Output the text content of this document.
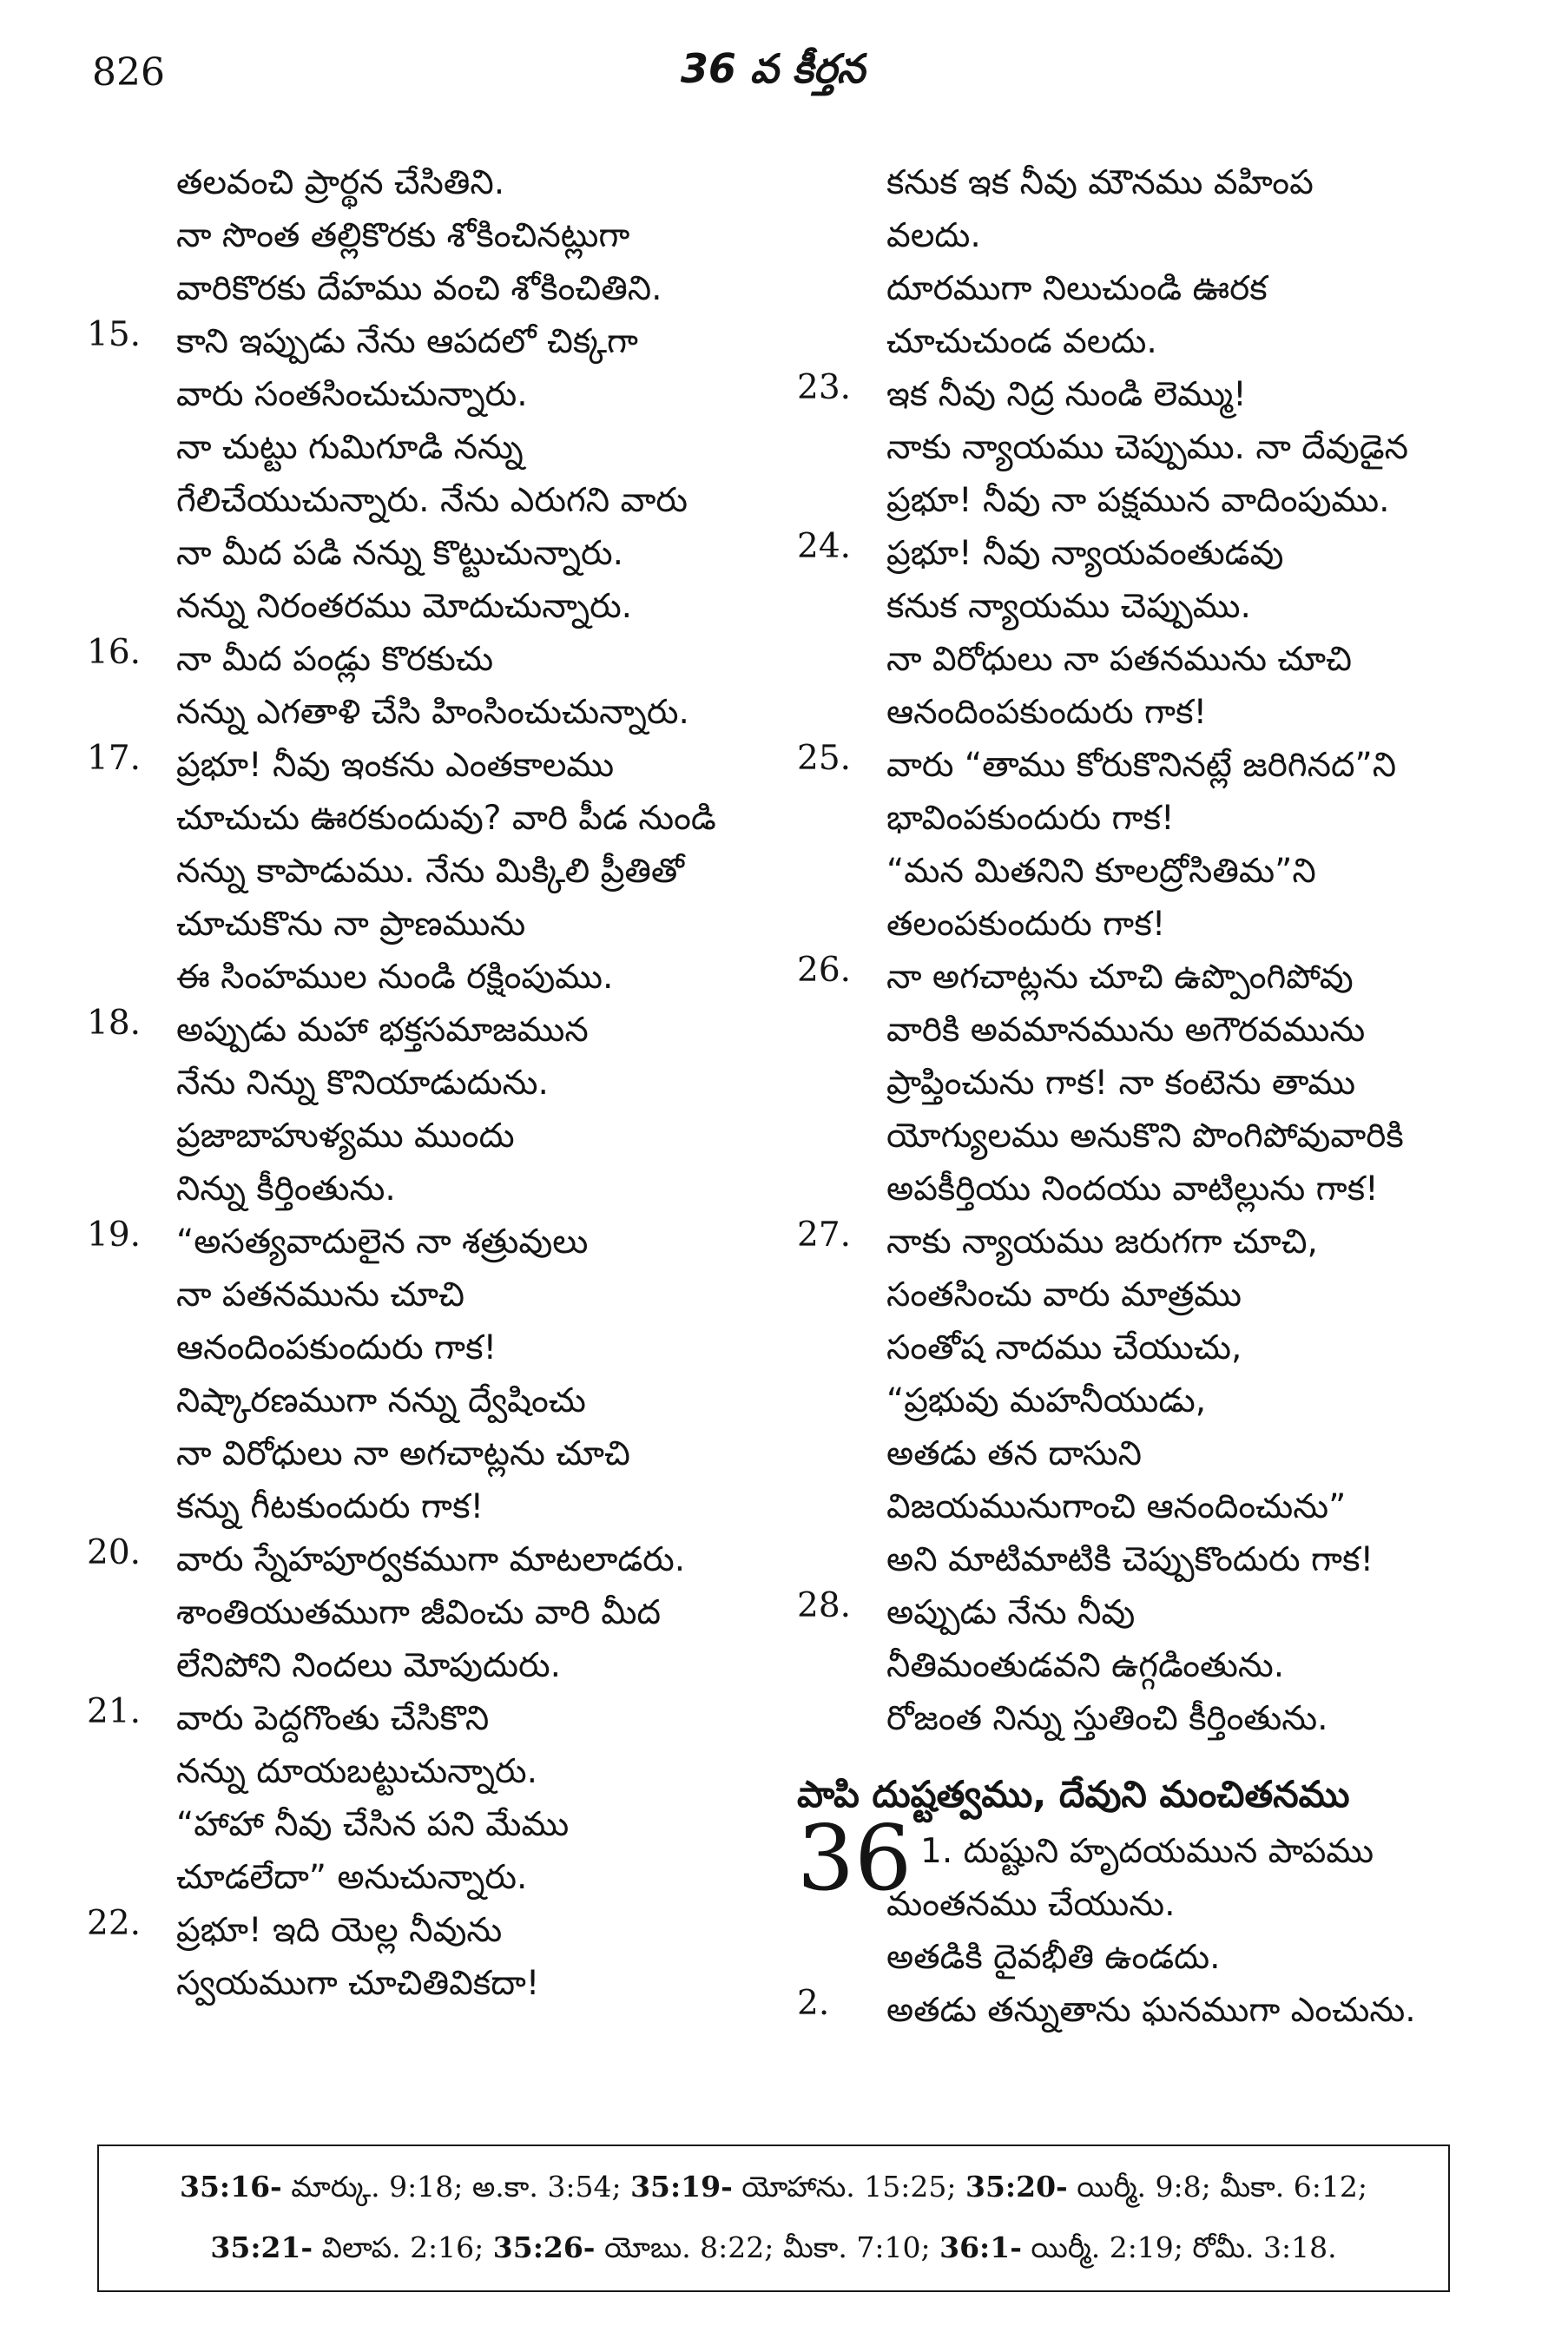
826	36 వ కీర్తన
తలవంచి ప్రార్థన చేసితిని.
నా సొంత తల్లికొరకు శోకించినట్లుగా
వారికొరకు దేహము వంచి శోకించితిని.
15. కాని ఇప్పుడు నేను ఆపదలో చిక్కగా
వారు సంతసించుచున్నారు.
నా చుట్టు గుమిగూడి నన్ను
గేలిచేయుచున్నారు. నేను ఎరుగని వారు
నా మీద పడి నన్ను కొట్టుచున్నారు.
నన్ను నిరంతరము మోదుచున్నారు.
16. నా మీద పండ్లు కొరకుచు
నన్ను ఎగతాళి చేసి హింసించుచున్నారు.
17. ప్రభూ! నీవు ఇంకను ఎంతకాలము
చూచుచు ఊరకుందువు? వారి పీడ నుండి
నన్ను కాపాడుము. నేను మిక్కిలి ప్రీతితో
చూచుకొను నా ప్రాణమును
ఈ సింహముల నుండి రక్షింపుము.
18. అప్పుడు మహా భక్తసమాజమున
నేను నిన్ను కొనియాడుదును.
ప్రజాబాహుళ్యము ముందు
నిన్ను కీర్తింతును.
19. “అసత్యవాదులైన నా శత్రువులు
నా పతనమును చూచి
ఆనందింపకుందురు గాక!
నిష్కారణముగా నన్ను ద్వేషించు
నా విరోధులు నా అగచాట్లను చూచి
కన్ను గీటకుందురు గాక!
20. వారు స్నేహపూర్వకముగా మాటలాడరు.
శాంతియుతముగా జీవించు వారి మీద
లేనిపోని నిందలు మోపుదురు.
21. వారు పెద్దగొంతు చేసికొని
నన్ను దూయబట్టుచున్నారు.
“హాహా నీవు చేసిన పని మేము
చూడలేదా” అనుచున్నారు.
22. ప్రభూ! ఇది యెల్ల నీవును
స్వయముగా చూచితివికదా!
కనుక ఇక నీవు మౌనము వహింప
వలదు.
దూరముగా నిలుచుండి ఊరక
చూచుచుండ వలదు.
23. ఇక నీవు నిద్ర నుండి లెమ్ము!
నాకు న్యాయము చెప్పుము. నా దేవుడైన
ప్రభూ! నీవు నా పక్షమున వాదింపుము.
24. ప్రభూ! నీవు న్యాయవంతుడవు
కనుక న్యాయము చెప్పుము.
నా విరోధులు నా పతనమును చూచి
ఆనందింపకుందురు గాక!
25. వారు “తాము కోరుకొనినట్లే జరిగినద”ని
భావింపకుందురు గాక!
“మన మితనిని కూలద్రోసితిమ”ని
తలంపకుందురు గాక!
26. నా అగచాట్లను చూచి ఉప్పొంగిపోవు
వారికి అవమానమును అగౌరవమును
ప్రాప్తించును గాక! నా కంటెను తాము
యోగ్యులము అనుకొని పొంగిపోవువారికి
అపకీర్తియు నిందయు వాటిల్లును గాక!
27. నాకు న్యాయము జరుగగా చూచి,
సంతసించు వారు మాత్రము
సంతోష నాదము చేయుచు,
“ప్రభువు మహనీయుడు,
అతడు తన దాసుని
విజయమునుగాంచి ఆనందించును”
అని మాటిమాటికి చెప్పుకొందురు గాక!
28. అప్పుడు నేను నీవు
నీతిమంతుడవని ఉగ్గడింతును.
రోజంత నిన్ను స్తుతించి కీర్తింతును.
పాపి దుష్టత్వము, దేవుని మంచితనము
36 1. దుష్టుని హృదయమున పాపము
మంతనము చేయును.
అతడికి దైవభీతి ఉండదు.
2. అతడు తన్నుతాను ఘనముగా ఎంచును.
35:16- మార్కు. 9:18; అ.కా. 3:54; 35:19- యోహాను. 15:25; 35:20- యిర్మీ. 9:8; మీకా. 6:12;
35:21- విలాప. 2:16; 35:26- యోబు. 8:22; మీకా. 7:10; 36:1- యిర్మీ. 2:19; రోమీ. 3:18.
